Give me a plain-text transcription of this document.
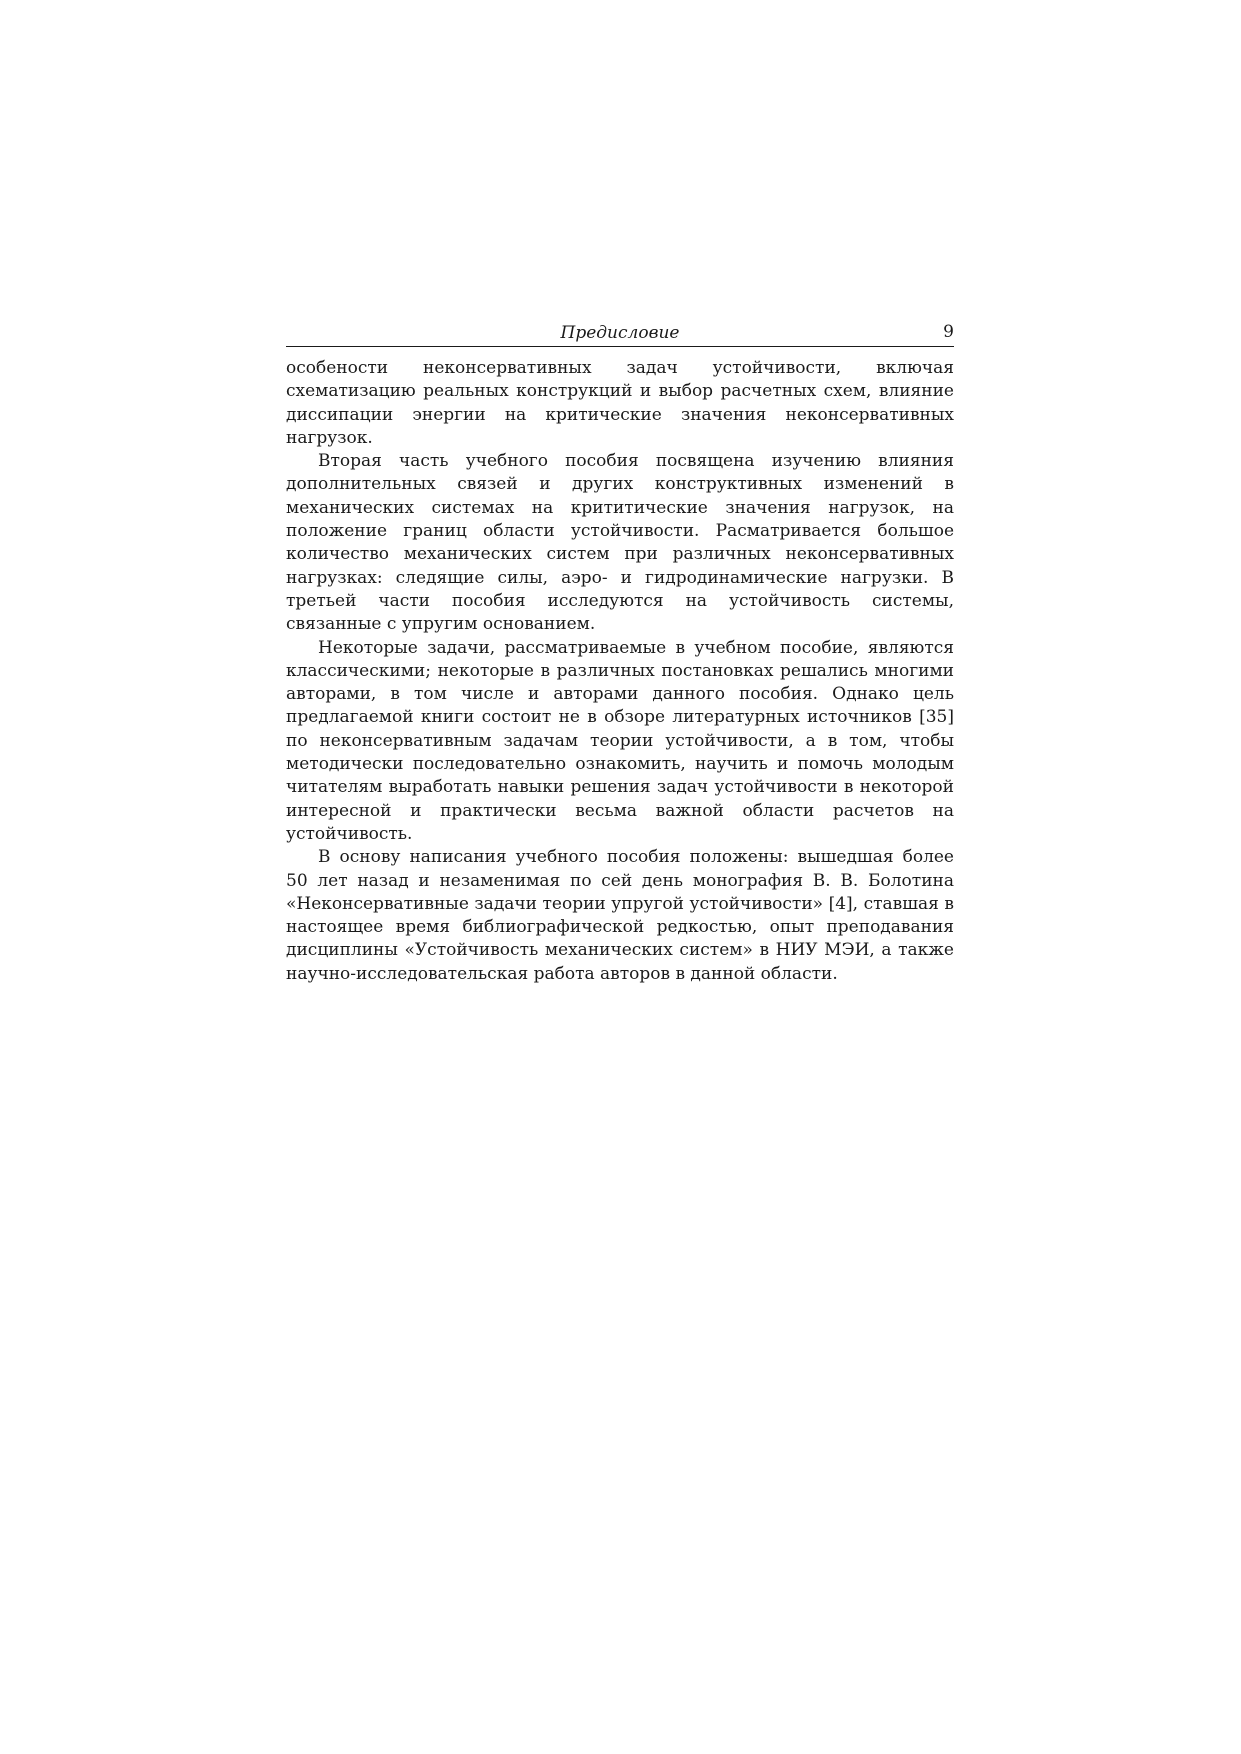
Предисловие	9

особености неконсервативных задач устойчивости, включая схематизацию реальных конструкций и выбор расчетных схем, влияние диссипации энергии на критические значения неконсервативных нагрузок.

Вторая часть учебного пособия посвящена изучению влияния дополнительных связей и других конструктивных изменений в механических системах на крититические значения нагрузок, на положение границ области устойчивости. Расматривается большое количество механических систем при различных неконсервативных нагрузках: следящие силы, аэро- и гидродинамические нагрузки. В третьей части пособия исследуются на устойчивость системы, связанные с упругим основанием.

Некоторые задачи, рассматриваемые в учебном пособие, являются классическими; некоторые в различных постановках решались многими авторами, в том числе и авторами данного пособия. Однако цель предлагаемой книги состоит не в обзоре литературных источников [35] по неконсервативным задачам теории устойчивости, а в том, чтобы методически последовательно ознакомить, научить и помочь молодым читателям выработать навыки решения задач устойчивости в некоторой интересной и практически весьма важной области расчетов на устойчивость.

В основу написания учебного пособия положены: вышедшая более 50 лет назад и незаменимая по сей день монография В. В. Болотина «Неконсервативные задачи теории упругой устойчивости» [4], ставшая в настоящее время библиографической редкостью, опыт преподавания дисциплины «Устойчивость механических систем» в НИУ МЭИ, а также научно-исследовательская работа авторов в данной области.
